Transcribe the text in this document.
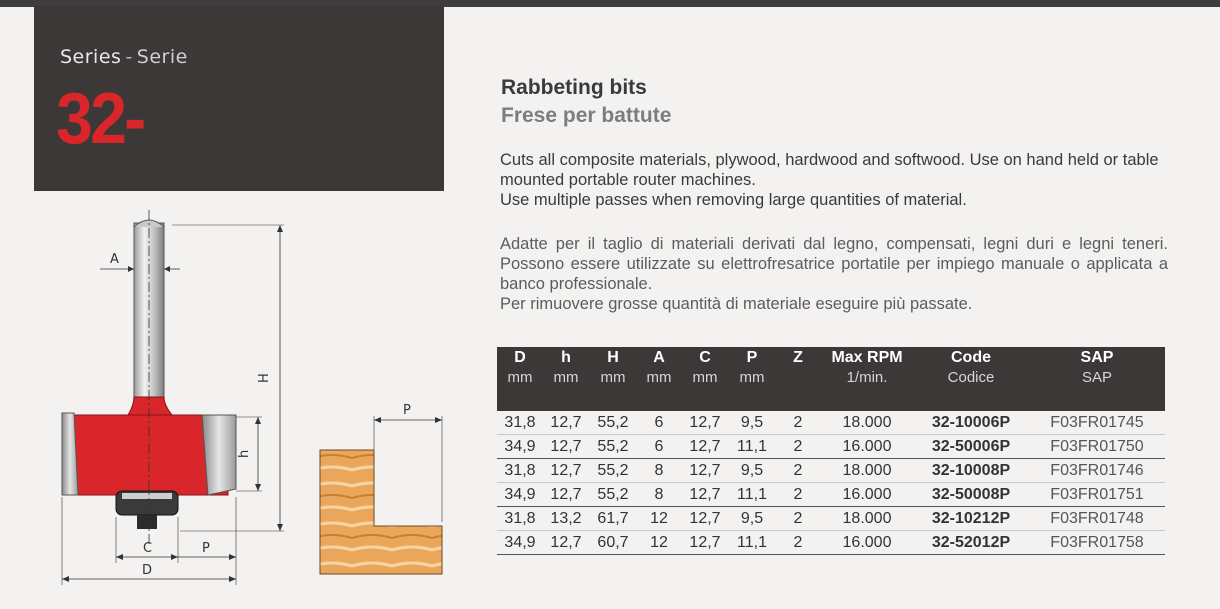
Series - Serie
32-	Rabbeting bits
Frese per battute

Cuts all composite materials, plywood, hardwood and softwood. Use on hand held or table mounted portable router machines.

Use multiple passes when removing large quantities of material.

Adatte per il taglio di materiali derivati dal legno, compensati, legni duri e legni teneri. Possono essere utilizzate su elettrofresatrice portatile per impiego manuale o applicata a banco professionale.

Per rimuovere grosse quantità di materiale eseguire più passate.

A
H
h
C	P
D
P
D	h	H	A	C	P	Z	Max RPM	Code	SAP
mm	mm	mm	mm	mm	mm		1/min.	Codice	SAP
31,8	12,7	55,2	6	12,7	9,5	2	18.000	32-10006P	F03FR01745
34,9	12,7	55,2	6	12,7	11,1	2	16.000	32-50006P	F03FR01750
31,8	12,7	55,2	8	12,7	9,5	2	18.000	32-10008P	F03FR01746
34,9	12,7	55,2	8	12,7	11,1	2	16.000	32-50008P	F03FR01751
31,8	13,2	61,7	12	12,7	9,5	2	18.000	32-10212P	F03FR01748
34,9	12,7	60,7	12	12,7	11,1	2	16.000	32-52012P	F03FR01758
